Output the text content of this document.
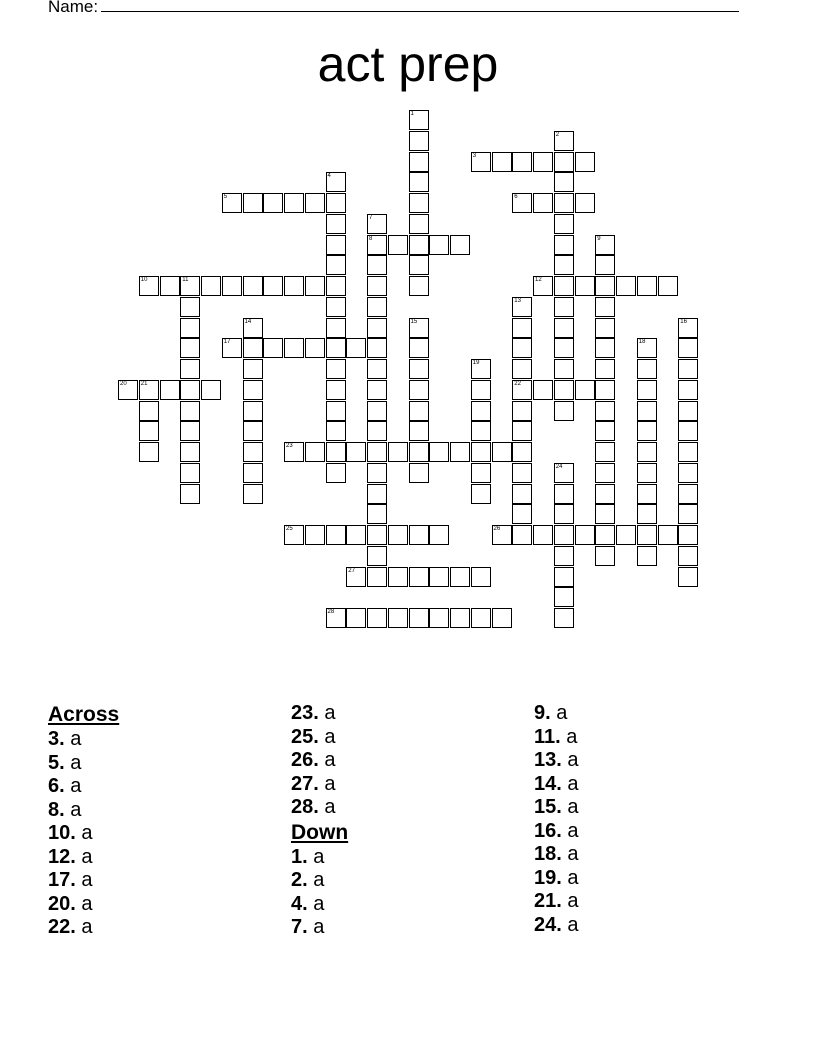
Name:
act prep
1
2
3
4
5	6
7
8	9
10	11	12
13
22
14	15	16
17	18
19
20 21
23
24
25	26
27
28
Across
3. a
5. a
6. a
8. a
10. a
12. a
17. a
20. a
22. a
23. a
25. a
26. a
27. a
28. a
Down
1. a
2. a
4. a
7. a
9. a
11. a
13. a
14. a
15. a
16. a
18. a
19. a
21. a
24. a
